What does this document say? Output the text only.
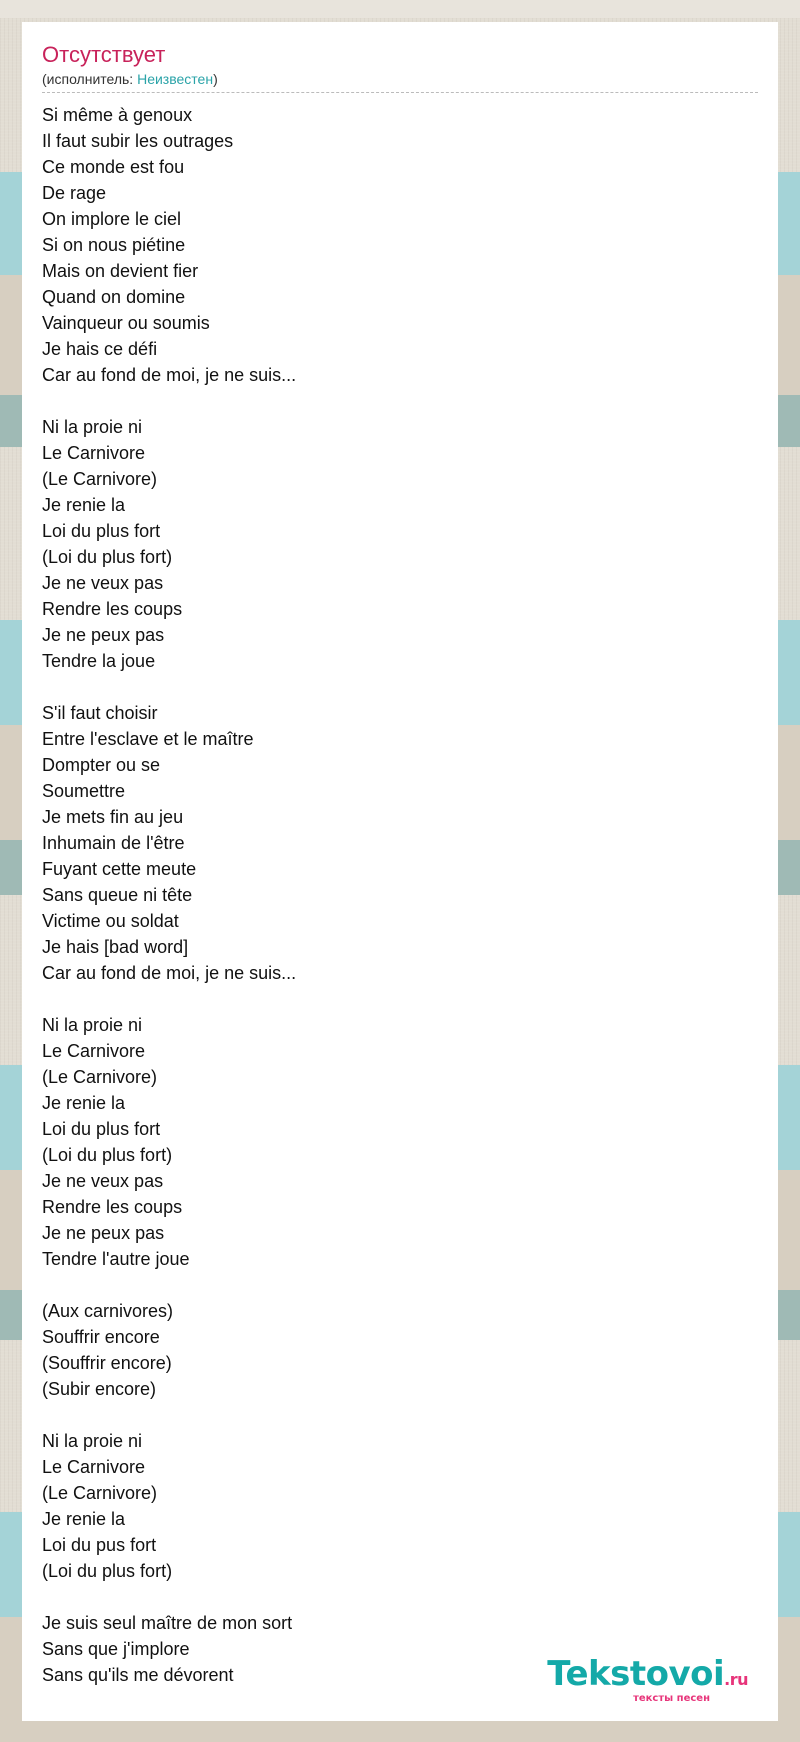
Отсутствует
(исполнитель: Неизвестен)
Si même à genoux
Il faut subir les outrages
Ce monde est fou
De rage
On implore le ciel
Si on nous piétine
Mais on devient fier
Quand on domine
Vainqueur ou soumis
Je hais ce défi
Car au fond de moi, je ne suis...
Ni la proie ni
Le Carnivore
(Le Carnivore)
Je renie la
Loi du plus fort
(Loi du plus fort)
Je ne veux pas
Rendre les coups
Je ne peux pas
Tendre la joue
S'il faut choisir
Entre l'esclave et le maître
Dompter ou se
Soumettre
Je mets fin au jeu
Inhumain de l'être
Fuyant cette meute
Sans queue ni tête
Victime ou soldat
Je hais [bad word]
Car au fond de moi, je ne suis...
Ni la proie ni
Le Carnivore
(Le Carnivore)
Je renie la
Loi du plus fort
(Loi du plus fort)
Je ne veux pas
Rendre les coups
Je ne peux pas
Tendre l'autre joue
(Aux carnivores)
Souffrir encore
(Souffrir encore)
(Subir encore)
Ni la proie ni
Le Carnivore
(Le Carnivore)
Je renie la
Loi du pus fort
(Loi du plus fort)
Je suis seul maître de mon sort
Sans que j'implore
Sans qu'ils me dévorent	Tekstovoi.ru
тексты песен
